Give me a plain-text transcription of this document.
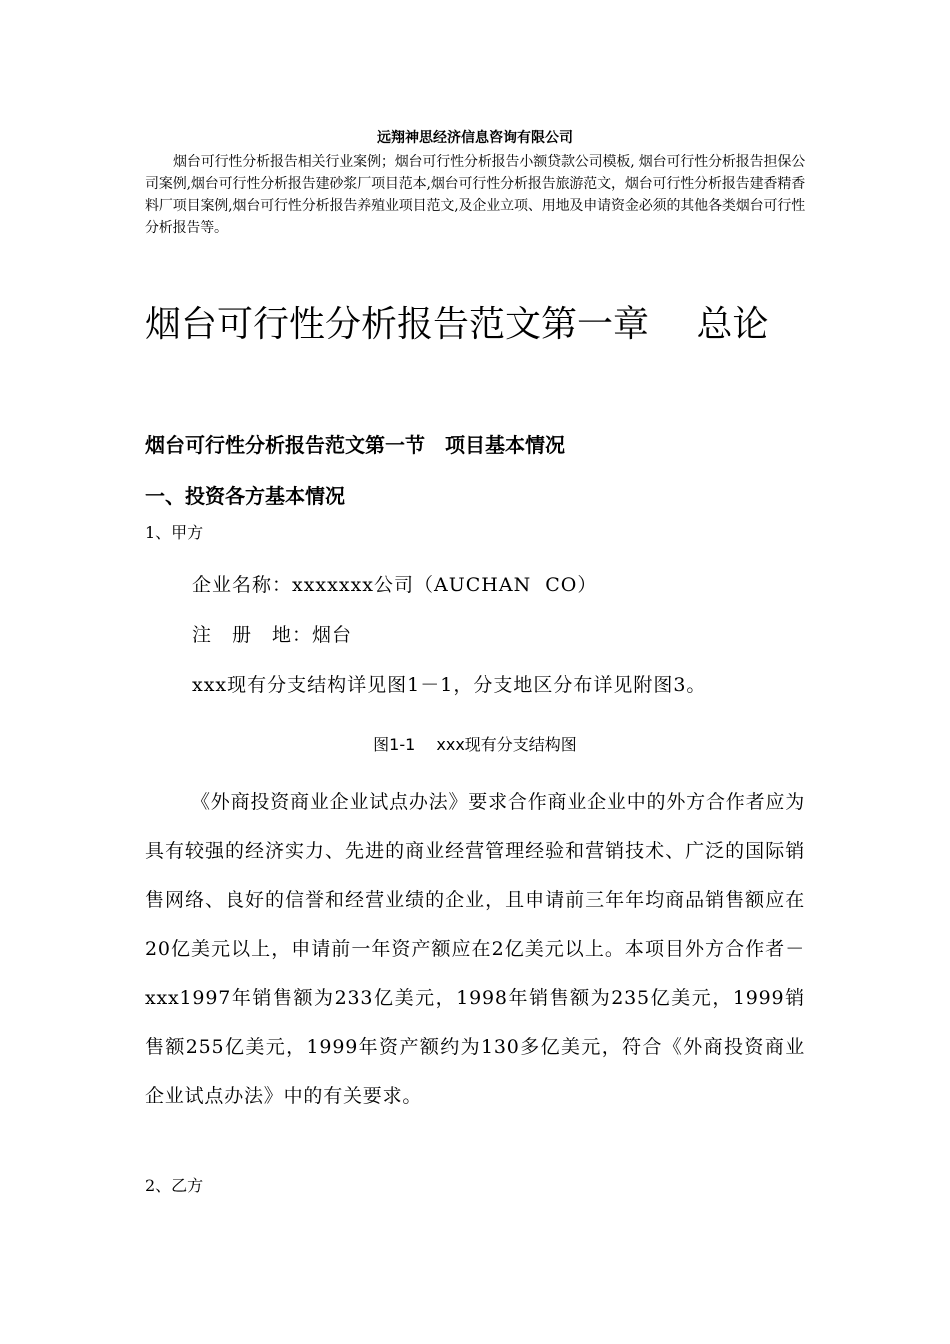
远翔神思经济信息咨询有限公司

烟台可行性分析报告相关行业案例；烟台可行性分析报告小额贷款公司模板, 烟台可行性分析报告担保公司案例,烟台可行性分析报告建砂浆厂项目范本,烟台可行性分析报告旅游范文，烟台可行性分析报告建香精香料厂项目案例,烟台可行性分析报告养殖业项目范文,及企业立项、用地及申请资金必须的其他各类烟台可行性分析报告等。

烟台可行性分析报告范文第一章　 总论
烟台可行性分析报告范文第一节　项目基本情况
一、投资各方基本情况
1、甲方
企业名称：xxxxxxx公司（AUCHAN  CO）
注　册　地：烟台
xxx现有分支结构详见图1－1，分支地区分布详见附图3。
图1-1　 xxx现有分支结构图

《外商投资商业企业试点办法》要求合作商业企业中的外方合作者应为具有较强的经济实力、先进的商业经营管理经验和营销技术、广泛的国际销售网络、良好的信誉和经营业绩的企业，且申请前三年年均商品销售额应在20亿美元以上，申请前一年资产额应在2亿美元以上。本项目外方合作者－xxx1997年销售额为233亿美元，1998年销售额为235亿美元，1999销售额255亿美元，1999年资产额约为130多亿美元，符合《外商投资商业企业试点办法》中的有关要求。

2、乙方
